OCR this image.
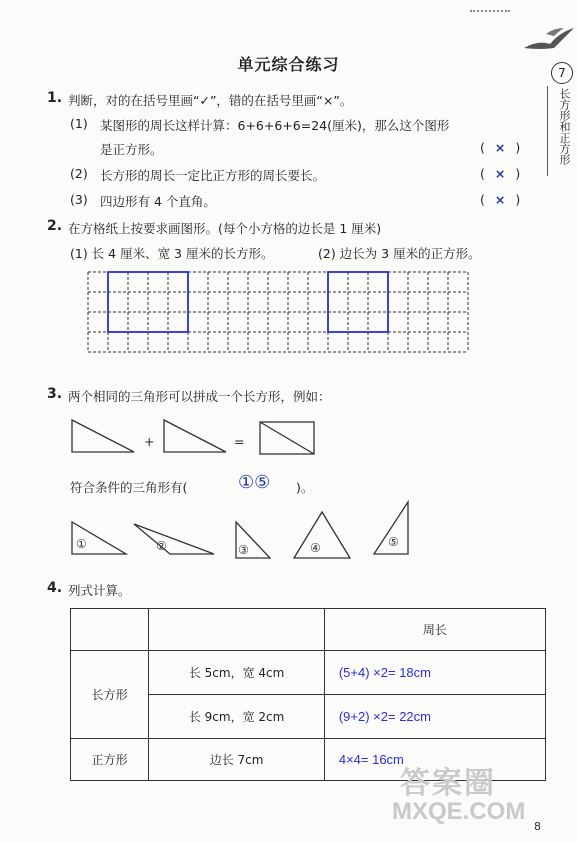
单元综合练习	7
长方形和正方形
1. 判断，对的在括号里画“✓”，错的在括号里画“×”。
(1) 某图形的周长这样计算：6+6+6+6=24(厘米)，那么这个图形
是正方形。	( × )
(2) 长方形的周长一定比正方形的周长要长。	( × )
(3) 四边形有 4 个直角。	( × )
2. 在方格纸上按要求画图形。(每个小方格的边长是 1 厘米)
(1) 长 4 厘米、宽 3 厘米的长方形。	(2) 边长为 3 厘米的正方形。
3. 两个相同的三角形可以拼成一个长方形，例如：
+	=
符合条件的三角形有(	①⑤ )。
①	②	③	④	⑤
4. 列式计算。
		周长
长方形	长 5cm，宽 4cm	(5+4) ×2= 18cm
	长 9cm，宽 2cm	(9+2) ×2= 22cm
正方形	边长 7cm	4×4= 16cm
答案圈
MXQE.COM
8
